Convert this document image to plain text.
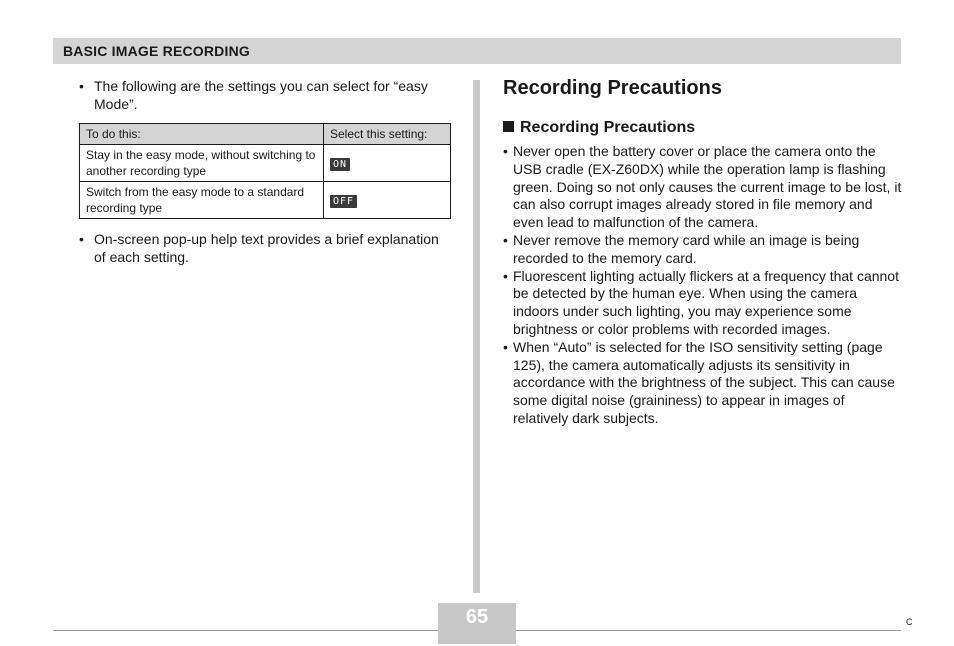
BASIC IMAGE RECORDING
• The following are the settings you can select for “easy Mode”.
To do this:	Select this setting:
Stay in the easy mode, without switching to another recording type	ON
Switch from the easy mode to a standard recording type	OFF
• On-screen pop-up help text provides a brief explanation of each setting.
Recording Precautions
Recording Precautions
• Never open the battery cover or place the camera onto the USB cradle (EX-Z60DX) while the operation lamp is flashing green. Doing so not only causes the current image to be lost, it can also corrupt images already stored in file memory and even lead to malfunction of the camera.
• Never remove the memory card while an image is being recorded to the memory card.
• Fluorescent lighting actually flickers at a frequency that cannot be detected by the human eye. When using the camera indoors under such lighting, you may experience some brightness or color problems with recorded images.
• When “Auto” is selected for the ISO sensitivity setting (page 125), the camera automatically adjusts its sensitivity in accordance with the brightness of the subject. This can cause some digital noise (graininess) to appear in images of relatively dark subjects.
65	C
